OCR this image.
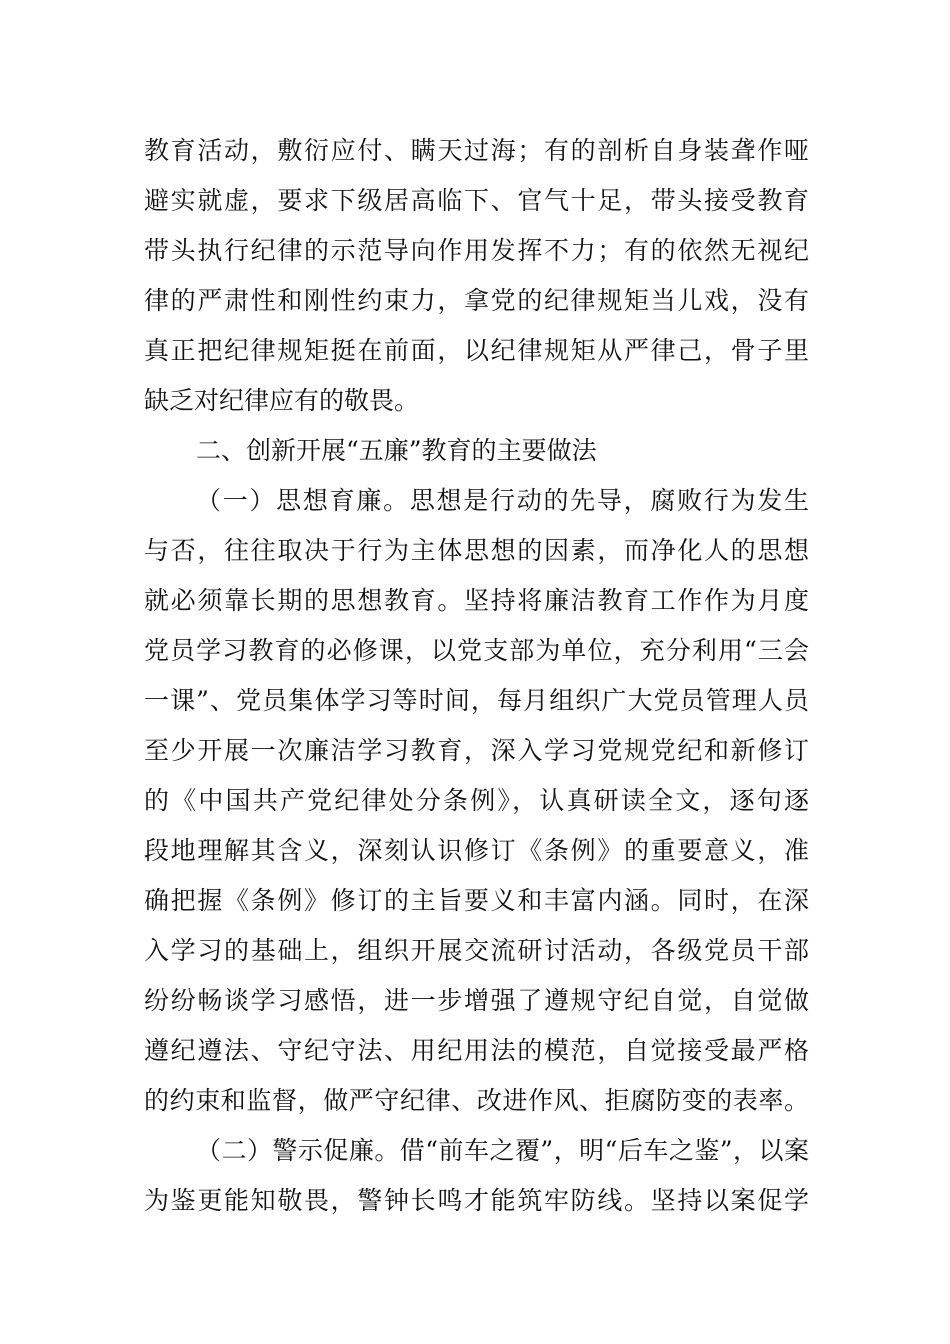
教育活动，敷衍应付、瞒天过海；有的剖析自身装聋作哑
避实就虚，要求下级居高临下、官气十足，带头接受教育
带头执行纪律的示范导向作用发挥不力；有的依然无视纪
律的严肃性和刚性约束力，拿党的纪律规矩当儿戏，没有
真正把纪律规矩挺在前面，以纪律规矩从严律己，骨子里
缺乏对纪律应有的敬畏。
二、创新开展“五廉”教育的主要做法
（一）思想育廉。思想是行动的先导，腐败行为发生
与否，往往取决于行为主体思想的因素，而净化人的思想
就必须靠长期的思想教育。坚持将廉洁教育工作作为月度
党员学习教育的必修课，以党支部为单位，充分利用“三会
一课”、党员集体学习等时间，每月组织广大党员管理人员
至少开展一次廉洁学习教育，深入学习党规党纪和新修订
的《中国共产党纪律处分条例》，认真研读全文，逐句逐
段地理解其含义，深刻认识修订《条例》的重要意义，准
确把握《条例》修订的主旨要义和丰富内涵。同时，在深
入学习的基础上，组织开展交流研讨活动，各级党员干部
纷纷畅谈学习感悟，进一步增强了遵规守纪自觉，自觉做
遵纪遵法、守纪守法、用纪用法的模范，自觉接受最严格
的约束和监督，做严守纪律、改进作风、拒腐防变的表率。
（二）警示促廉。借“前车之覆”，明“后车之鉴”，以案
为鉴更能知敬畏，警钟长鸣才能筑牢防线。坚持以案促学
